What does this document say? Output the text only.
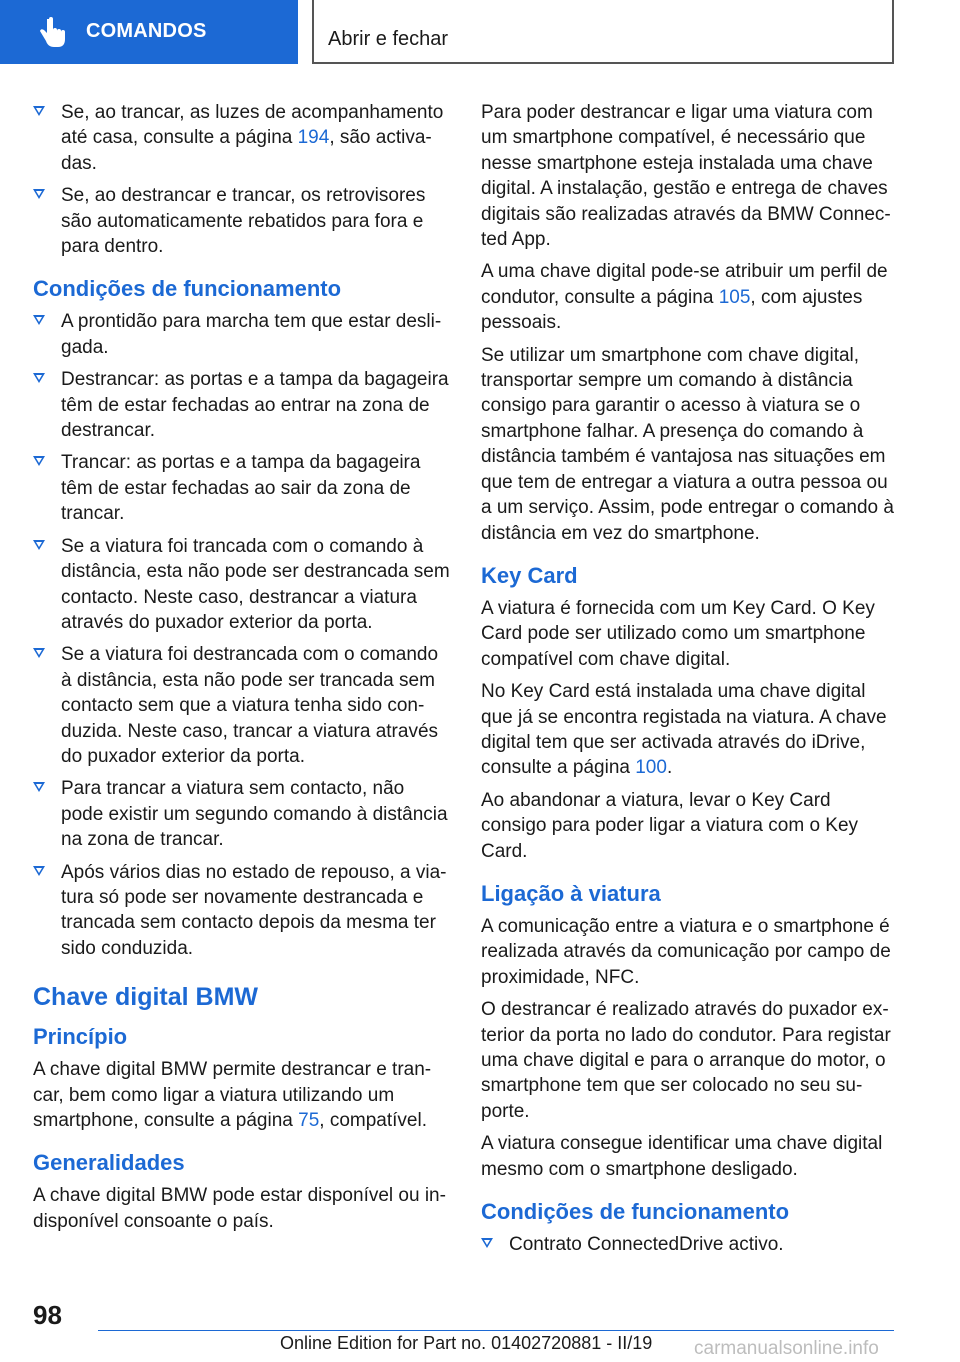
COMANDOS	Abrir e fechar
Se, ao trancar, as luzes de acompanhamento até casa, consulte a página 194, são activa-das.
Se, ao destrancar e trancar, os retrovisores são automaticamente rebatidos para fora e para dentro.
Condições de funcionamento
A prontidão para marcha tem que estar desli-gada.
Destrancar: as portas e a tampa da bagageira têm de estar fechadas ao entrar na zona de destrancar.
Trancar: as portas e a tampa da bagageira têm de estar fechadas ao sair da zona de trancar.
Se a viatura foi trancada com o comando à distância, esta não pode ser destrancada sem contacto. Neste caso, destrancar a viatura através do puxador exterior da porta.
Se a viatura foi destrancada com o comando à distância, esta não pode ser trancada sem contacto sem que a viatura tenha sido con-duzida. Neste caso, trancar a viatura através do puxador exterior da porta.
Para trancar a viatura sem contacto, não pode existir um segundo comando à distância na zona de trancar.
Após vários dias no estado de repouso, a via-tura só pode ser novamente destrancada e trancada sem contacto depois da mesma ter sido conduzida.
Chave digital BMW
Princípio

A chave digital BMW permite destrancar e tran-car, bem como ligar a viatura utilizando um smartphone, consulte a página 75, compatível.

Generalidades

A chave digital BMW pode estar disponível ou in-disponível consoante o país.

Para poder destrancar e ligar uma viatura com um smartphone compatível, é necessário que nesse smartphone esteja instalada uma chave digital. A instalação, gestão e entrega de chaves digitais são realizadas através da BMW Connec-ted App.

A uma chave digital pode-se atribuir um perfil de condutor, consulte a página 105, com ajustes pessoais.

Se utilizar um smartphone com chave digital, transportar sempre um comando à distância consigo para garantir o acesso à viatura se o smartphone falhar. A presença do comando à distância também é vantajosa nas situações em que tem de entregar a viatura a outra pessoa ou a um serviço. Assim, pode entregar o comando à distância em vez do smartphone.

Key Card

A viatura é fornecida com um Key Card. O Key Card pode ser utilizado como um smartphone compatível com chave digital.

No Key Card está instalada uma chave digital que já se encontra registada na viatura. A chave digital tem que ser activada através do iDrive, consulte a página 100.

Ao abandonar a viatura, levar o Key Card consigo para poder ligar a viatura com o Key Card.

Ligação à viatura

A comunicação entre a viatura e o smartphone é realizada através da comunicação por campo de proximidade, NFC.

O destrancar é realizado através do puxador ex-terior da porta no lado do condutor. Para registar uma chave digital e para o arranque do motor, o smartphone tem que ser colocado no seu su-porte.

A viatura consegue identificar uma chave digital mesmo com o smartphone desligado.

Condições de funcionamento
Contrato ConnectedDrive activo.
98
Online Edition for Part no. 01402720881 - II/19 carmanualsonline.info
